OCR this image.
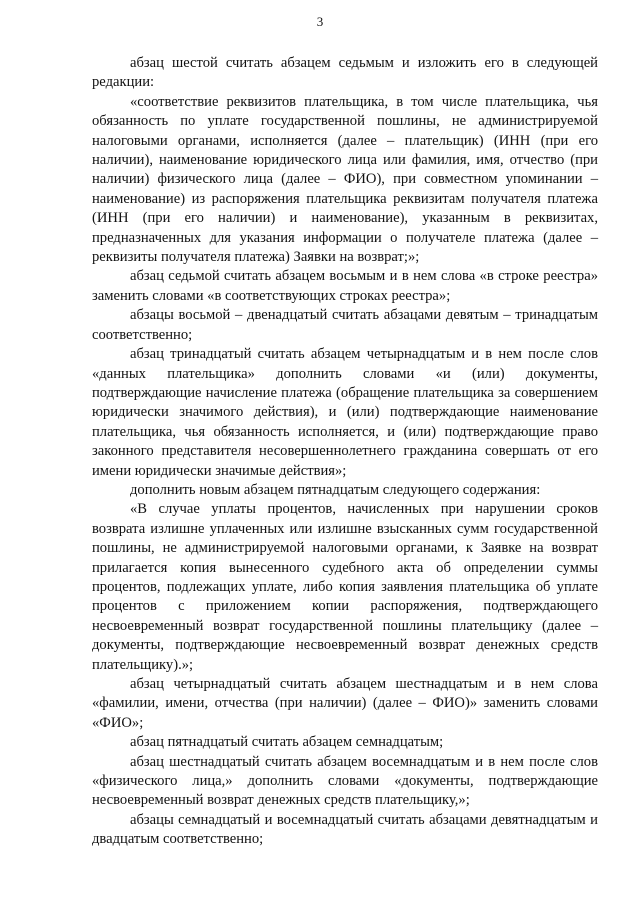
3

абзац шестой считать абзацем седьмым и изложить его в следующей редакции:

«соответствие реквизитов плательщика, в том числе плательщика, чья обязанность по уплате государственной пошлины, не администрируемой налоговыми органами, исполняется (далее – плательщик) (ИНН (при его наличии), наименование юридического лица или фамилия, имя, отчество (при наличии) физического лица (далее – ФИО), при совместном упоминании – наименование) из распоряжения плательщика реквизитам получателя платежа (ИНН (при его наличии) и наименование), указанным в реквизитах, предназначенных для указания информации о получателе платежа (далее – реквизиты получателя платежа) Заявки на возврат;»;

абзац седьмой считать абзацем восьмым и в нем слова «в строке реестра» заменить словами «в соответствующих строках реестра»;

абзацы восьмой – двенадцатый считать абзацами девятым – тринадцатым соответственно;

абзац тринадцатый считать абзацем четырнадцатым и в нем после слов «данных плательщика» дополнить словами «и (или) документы, подтверждающие начисление платежа (обращение плательщика за совершением юридически значимого действия), и (или) подтверждающие наименование плательщика, чья обязанность исполняется, и (или) подтверждающие право законного представителя несовершеннолетнего гражданина совершать от его имени юридически значимые действия»;

дополнить новым абзацем пятнадцатым следующего содержания:

«В случае уплаты процентов, начисленных при нарушении сроков возврата излишне уплаченных или излишне взысканных сумм государственной пошлины, не администрируемой налоговыми органами, к Заявке на возврат прилагается копия вынесенного судебного акта об определении суммы процентов, подлежащих уплате, либо копия заявления плательщика об уплате процентов с приложением копии распоряжения, подтверждающего несвоевременный возврат государственной пошлины плательщику (далее – документы, подтверждающие несвоевременный возврат денежных средств плательщику).»;

абзац четырнадцатый считать абзацем шестнадцатым и в нем слова «фамилии, имени, отчества (при наличии) (далее – ФИО)» заменить словами «ФИО»;

абзац пятнадцатый считать абзацем семнадцатым;

абзац шестнадцатый считать абзацем восемнадцатым и в нем после слов «физического лица,» дополнить словами «документы, подтверждающие несвоевременный возврат денежных средств плательщику,»;

абзацы семнадцатый и восемнадцатый считать абзацами девятнадцатым и двадцатым соответственно;
